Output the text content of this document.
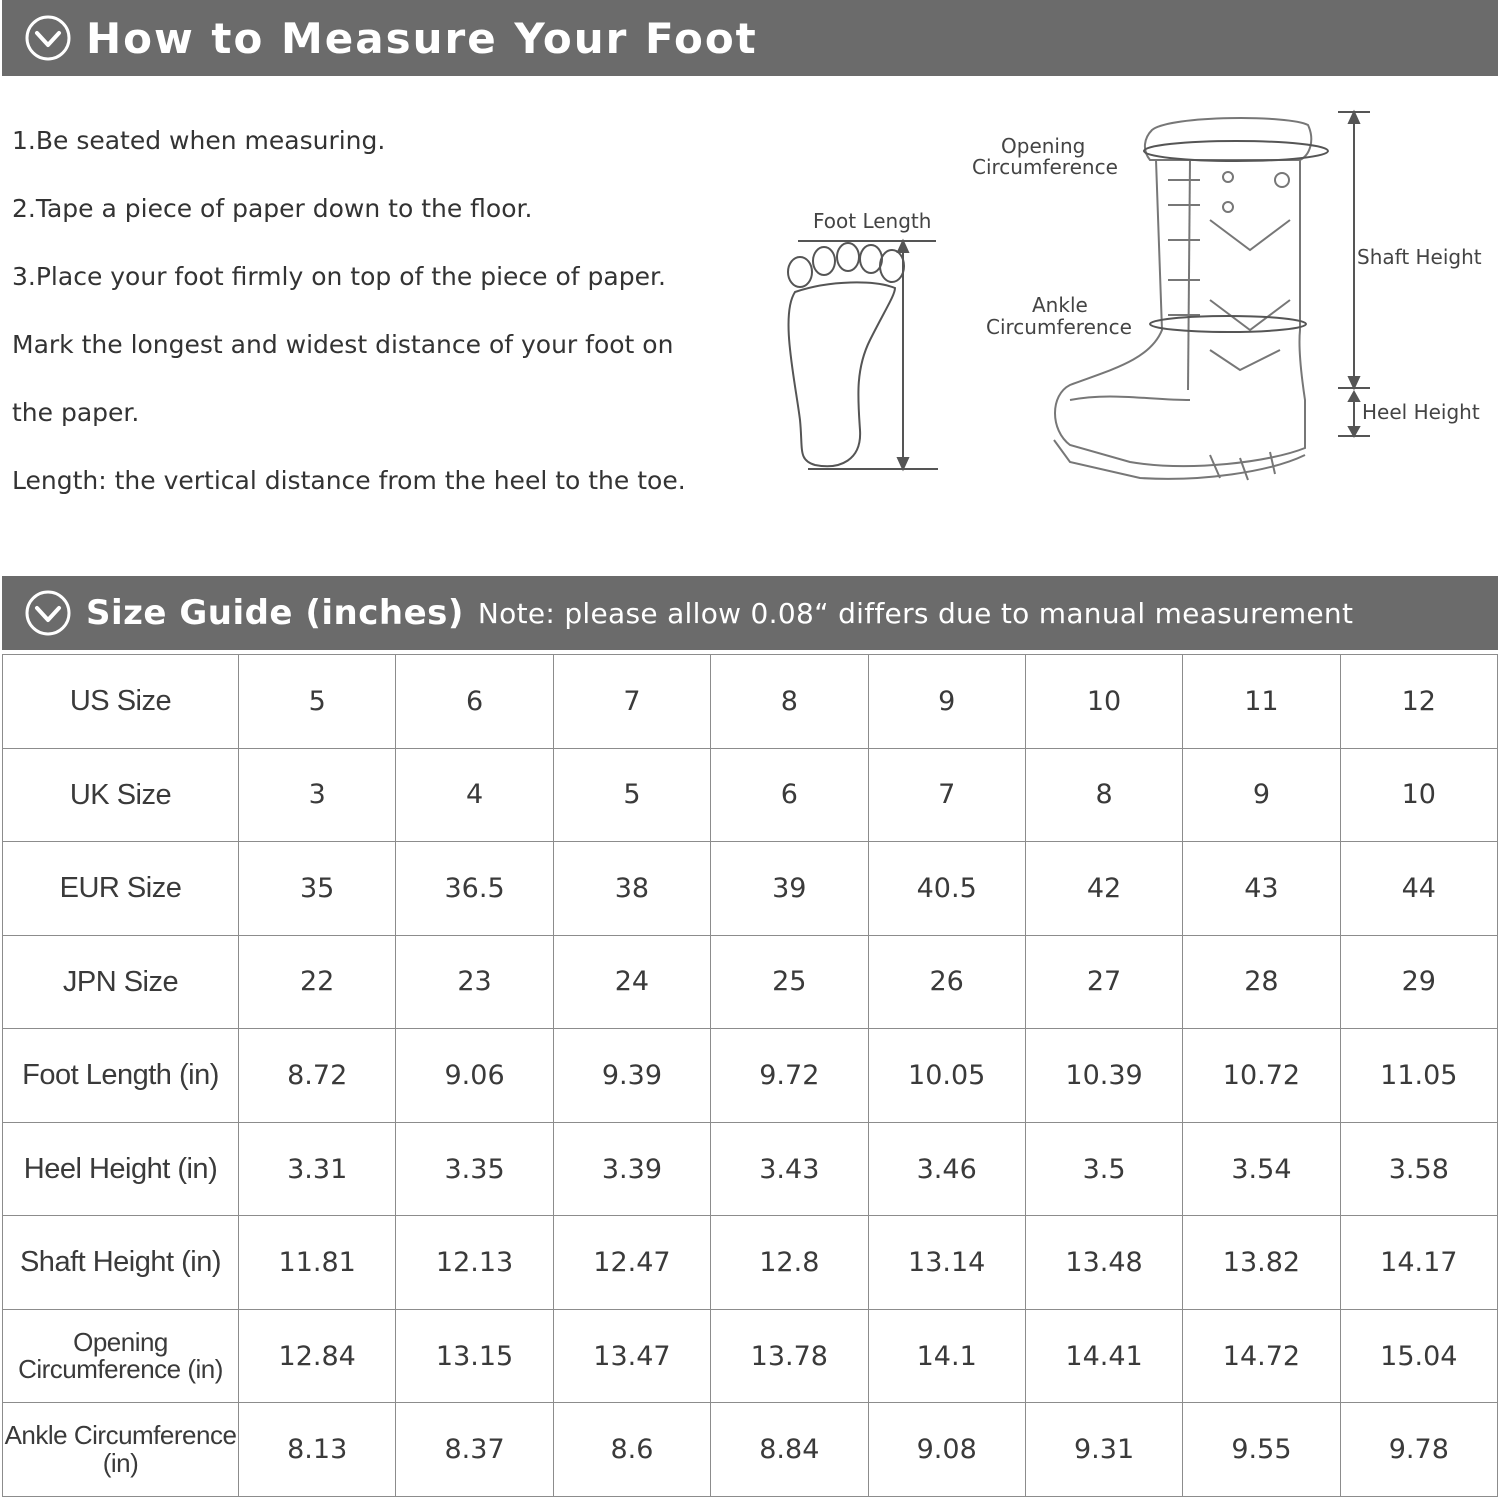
How to Measure Your Foot
1.Be seated when measuring.
2.Tape a piece of paper down to the floor.
3.Place your foot firmly on top of the piece of paper.
Mark the longest and widest distance of your foot on
the paper.
Length: the vertical distance from the heel to the toe.
Foot Length
Opening
Circumference
Ankle
Circumference
Shaft Height
Heel Height
Size Guide (inches) Note: please allow 0.08“ differs due to manual measurement
US Size	5	6	7	8	9	10	11	12
UK Size	3	4	5	6	7	8	9	10
EUR Size	35	36.5	38	39	40.5	42	43	44
JPN Size	22	23	24	25	26	27	28	29
Foot Length (in)	8.72	9.06	9.39	9.72	10.05	10.39	10.72	11.05
Heel Height (in)	3.31	3.35	3.39	3.43	3.46	3.5	3.54	3.58
Shaft Height (in)	11.81	12.13	12.47	12.8	13.14	13.48	13.82	14.17
Opening Circumference (in)	12.84	13.15	13.47	13.78	14.1	14.41	14.72	15.04
Ankle Circumference (in)	8.13	8.37	8.6	8.84	9.08	9.31	9.55	9.78
